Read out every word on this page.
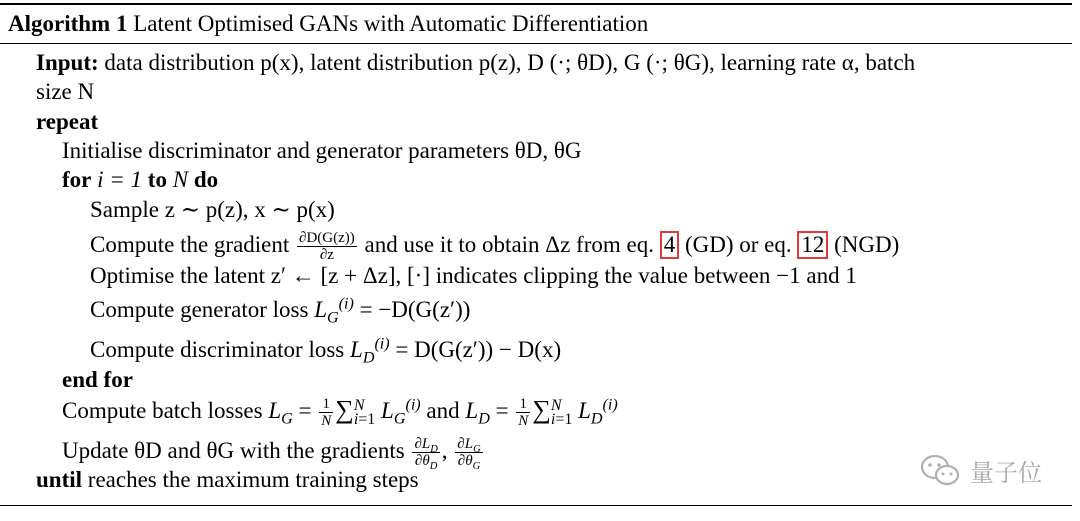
Algorithm 1 Latent Optimised GANs with Automatic Differentiation
Input: data distribution p(x), latent distribution p(z), D (·; θD), G (·; θG), learning rate α, batch
size N
repeat
Initialise discriminator and generator parameters θD, θG
for i = 1 to N do
Sample z ∼ p(z), x ∼ p(x)
Compute the gradient $\frac{\partial D(G(z))}{\partial z}$ and use it to obtain Δz from eq. 4 (GD) or eq. 12 (NGD)
Optimise the latent z′ ← [z + Δz], [·] indicates clipping the value between −1 and 1
Compute generator loss $L_G^{(i)} = -D(G(z'))$
Compute discriminator loss $L_D^{(i)} = D(G(z')) - D(x)$
end for
Compute batch losses $L_G = \frac{1}{N}$ ∑ N
i=1 $L_G^{(i)}$ and $L_D = \frac{1}{N}$ ∑ N
i=1 $L_D^{(i)}$
Update θD and θG with the gradients $\frac{\partial L_D}{\partial\theta_D}$ , $\frac{\partial L_G}{\partial\theta_G}$
until reaches the maximum training steps	量子位
